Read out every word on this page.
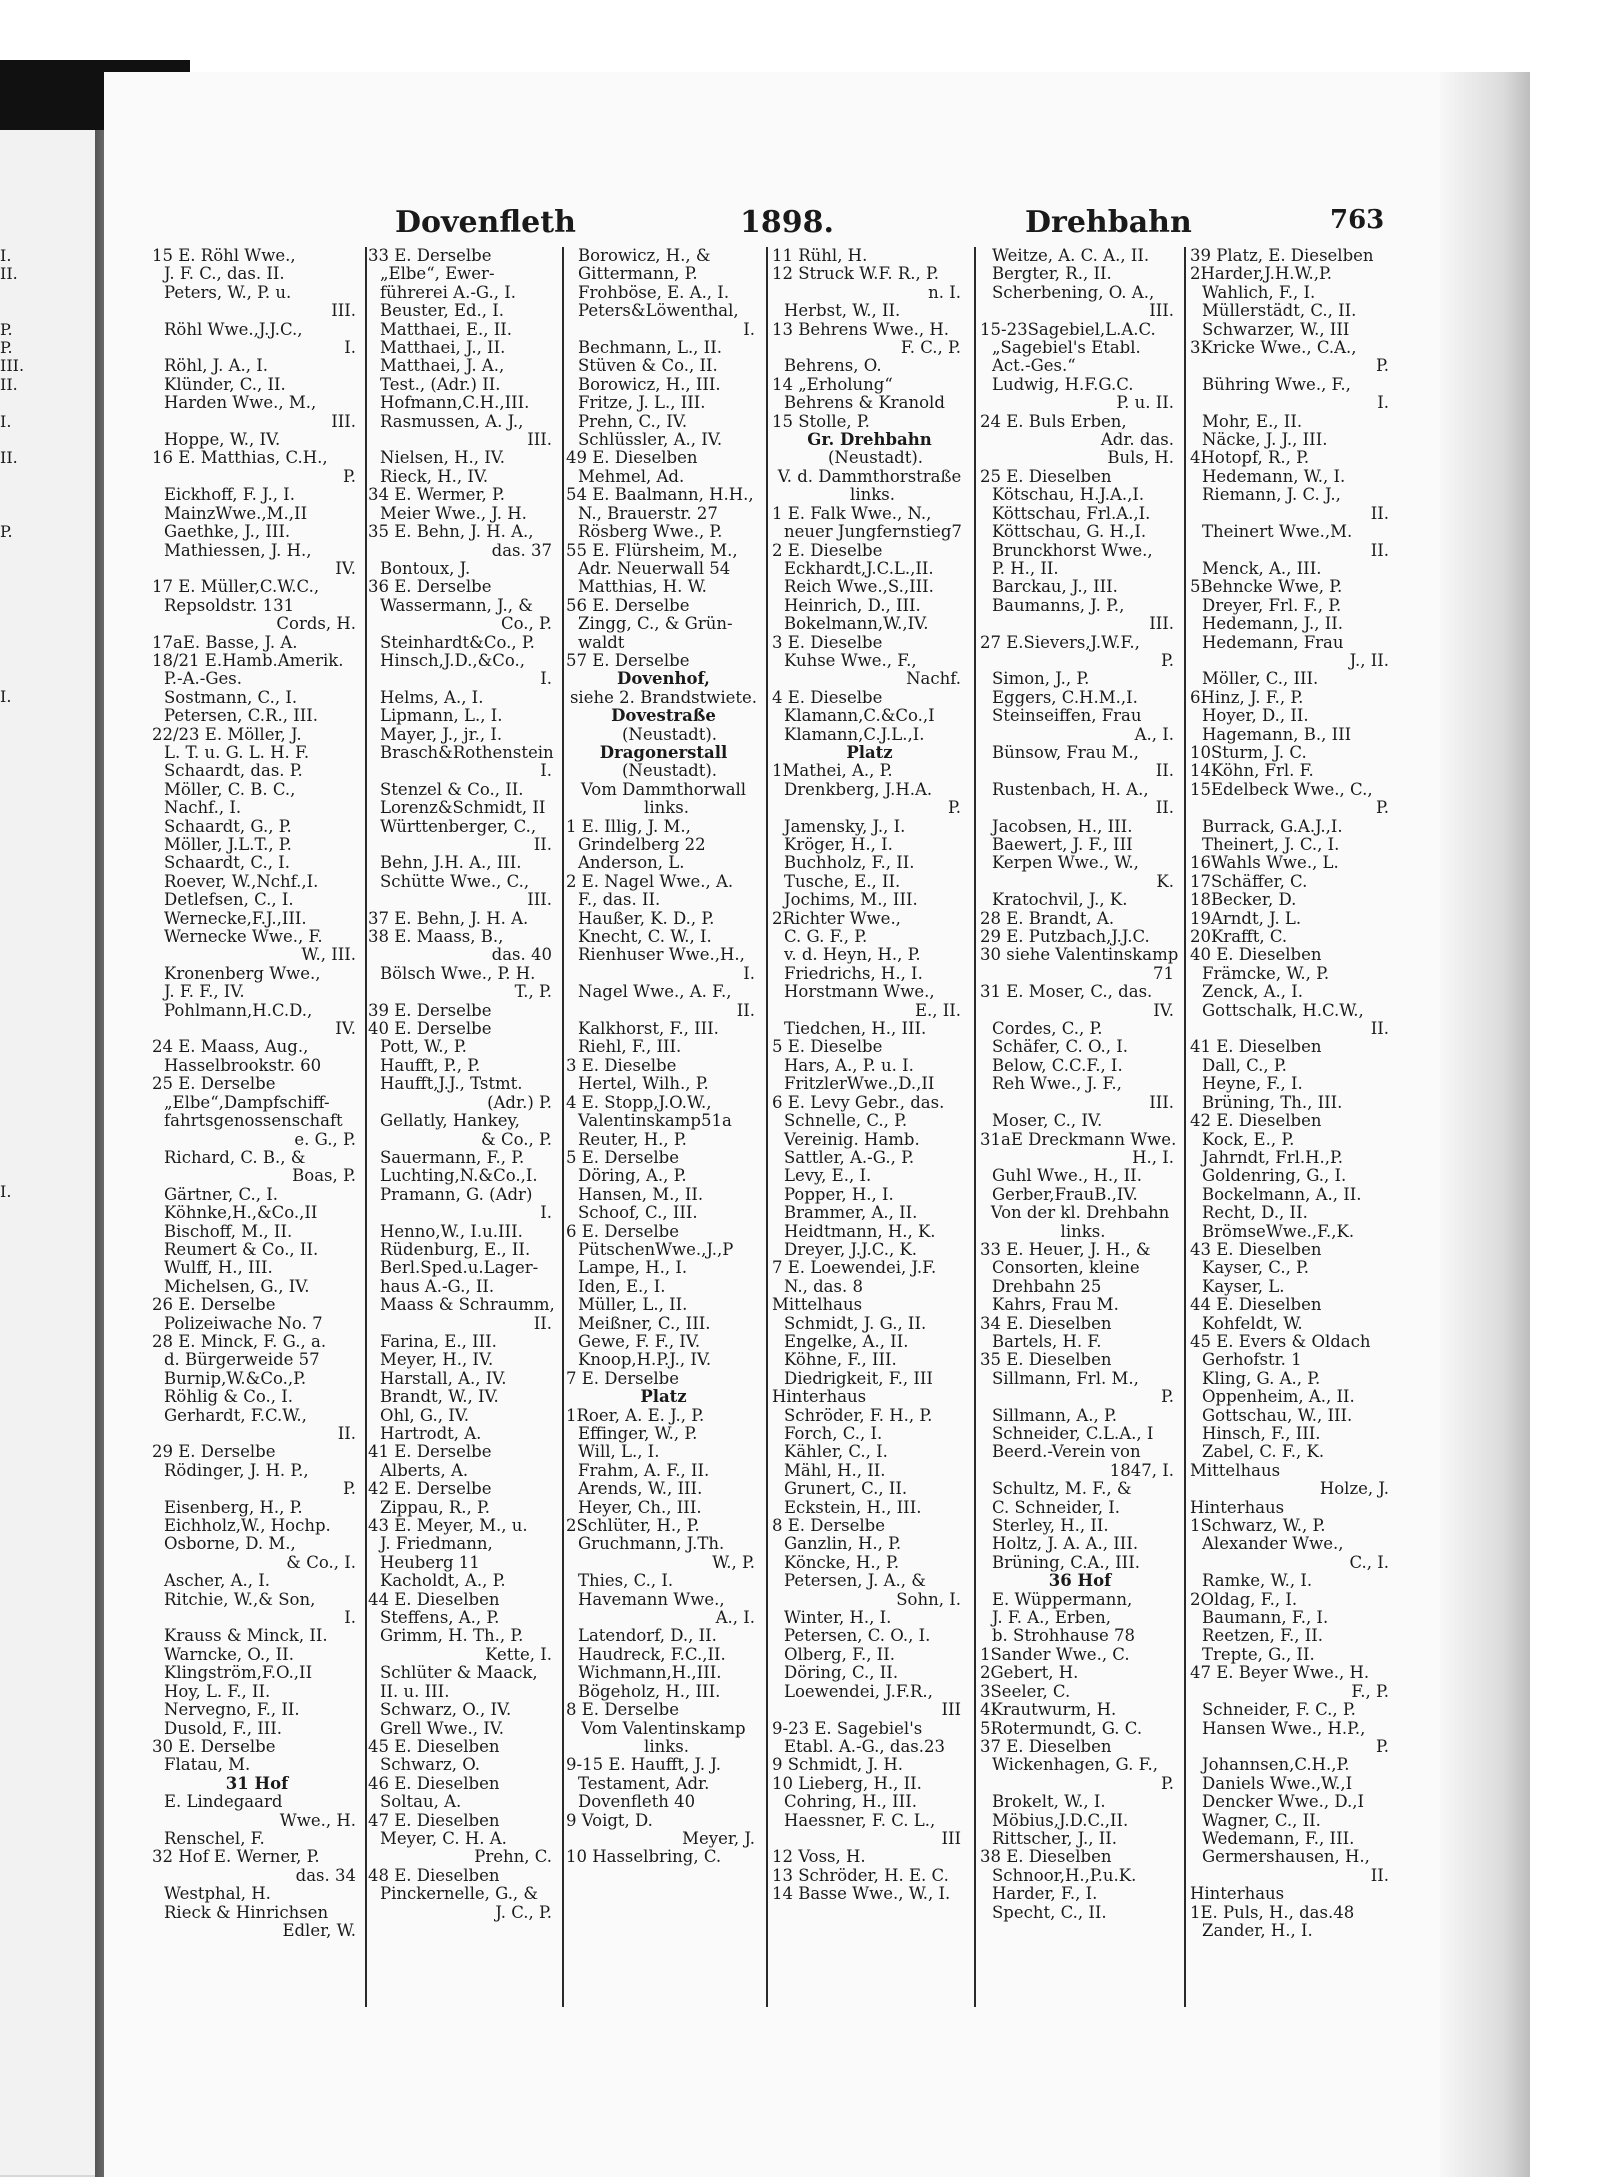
I.
II.
P.
P.
III.
II.
I.
II.
P.
I.
I.
Dovenfleth	1898.	Drehbahn	763
15 E. Röhl Wwe.,
J. F. C., das. II.
Peters, W., P. u.
III.
Röhl Wwe.,J.J.C.,
I.
Röhl, J. A., I.
Klünder, C., II.
Harden Wwe., M.,
III.
Hoppe, W., IV.
16 E. Matthias, C.H.,
P.
Eickhoff, F. J., I.
MainzWwe.,M.,II
Gaethke, J., III.
Mathiessen, J. H.,
IV.
17 E. Müller,C.W.C.,
Repsoldstr. 131
Cords, H.
17aE. Basse, J. A.
18/21 E.Hamb.Amerik.
P.-A.-Ges.
Sostmann, C., I.
Petersen, C.R., III.
22/23 E. Möller, J.
L. T. u. G. L. H. F.
Schaardt, das. P.
Möller, C. B. C.,
Nachf., I.
Schaardt, G., P.
Möller, J.L.T., P.
Schaardt, C., I.
Roever, W.,Nchf.,I.
Detlefsen, C., I.
Wernecke,F.J.,III.
Wernecke Wwe., F.
W., III.
Kronenberg Wwe.,
J. F. F., IV.
Pohlmann,H.C.D.,
IV.
24 E. Maass, Aug.,
Hasselbrookstr. 60
25 E. Derselbe
„Elbe“,Dampfschiff-
fahrtsgenossenschaft
e. G., P.
Richard, C. B., &
Boas, P.
Gärtner, C., I.
Köhnke,H.,&Co.,II
Bischoff, M., II.
Reumert & Co., II.
Wulff, H., III.
Michelsen, G., IV.
26 E. Derselbe
Polizeiwache No. 7
28 E. Minck, F. G., a.
d. Bürgerweide 57
Burnip,W.&Co.,P.
Röhlig & Co., I.
Gerhardt, F.C.W.,
II.
29 E. Derselbe
Rödinger, J. H. P.,
P.
Eisenberg, H., P.
Eichholz,W., Hochp.
Osborne, D. M.,
& Co., I.
Ascher, A., I.
Ritchie, W.,& Son,
I.
Krauss & Minck, II.
Warncke, O., II.
Klingström,F.O.,II
Hoy, L. F., II.
Nervegno, F., II.
Dusold, F., III.
30 E. Derselbe
Flatau, M.
31 Hof
E. Lindegaard
Wwe., H.
Renschel, F.
32 Hof E. Werner, P.
das. 34
Westphal, H.
Rieck & Hinrichsen
Edler, W.
33 E. Derselbe
„Elbe“, Ewer-
führerei A.-G., I.
Beuster, Ed., I.
Matthaei, E., II.
Matthaei, J., II.
Matthaei, J. A.,
Test., (Adr.) II.
Hofmann,C.H.,III.
Rasmussen, A. J.,
III.
Nielsen, H., IV.
Rieck, H., IV.
34 E. Wermer, P.
Meier Wwe., J. H.
35 E. Behn, J. H. A.,
das. 37
Bontoux, J.
36 E. Derselbe
Wassermann, J., &
Co., P.
Steinhardt&Co., P.
Hinsch,J.D.,&Co.,
I.
Helms, A., I.
Lipmann, L., I.
Mayer, J., jr., I.
Brasch&Rothenstein
I.
Stenzel & Co., II.
Lorenz&Schmidt, II
Württenberger, C.,
II.
Behn, J.H. A., III.
Schütte Wwe., C.,
III.
37 E. Behn, J. H. A.
38 E. Maass, B.,
das. 40
Bölsch Wwe., P. H.
T., P.
39 E. Derselbe
40 E. Derselbe
Pott, W., P.
Haufft, P., P.
Haufft,J.J., Tstmt.
(Adr.) P.
Gellatly, Hankey,
& Co., P.
Sauermann, F., P.
Luchting,N.&Co.,I.
Pramann, G. (Adr)
I.
Henno,W., I.u.III.
Rüdenburg, E., II.
Berl.Sped.u.Lager-
haus A.-G., II.
Maass & Schraumm,
II.
Farina, E., III.
Meyer, H., IV.
Harstall, A., IV.
Brandt, W., IV.
Ohl, G., IV.
Hartrodt, A.
41 E. Derselbe
Alberts, A.
42 E. Derselbe
Zippau, R., P.
43 E. Meyer, M., u.
J. Friedmann,
Heuberg 11
Kacholdt, A., P.
44 E. Dieselben
Steffens, A., P.
Grimm, H. Th., P.
Kette, I.
Schlüter & Maack,
II. u. III.
Schwarz, O., IV.
Grell Wwe., IV.
45 E. Dieselben
Schwarz, O.
46 E. Dieselben
Soltau, A.
47 E. Dieselben
Meyer, C. H. A.
Prehn, C.
48 E. Dieselben
Pinckernelle, G., &
J. C., P.
Borowicz, H., &
Gittermann, P.
Frohböse, E. A., I.
Peters&Löwenthal,
I.
Bechmann, L., II.
Stüven & Co., II.
Borowicz, H., III.
Fritze, J. L., III.
Prehn, C., IV.
Schlüssler, A., IV.
49 E. Dieselben
Mehmel, Ad.
54 E. Baalmann, H.H.,
N., Brauerstr. 27
Rösberg Wwe., P.
55 E. Flürsheim, M.,
Adr. Neuerwall 54
Matthias, H. W.
56 E. Derselbe
Zingg, C., & Grün-
waldt
57 E. Derselbe
Dovenhof,
siehe 2. Brandstwiete.
Dovestraße
(Neustadt).
Dragonerstall
(Neustadt).
Vom Dammthorwall
links.
1 E. Illig, J. M.,
Grindelberg 22
Anderson, L.
2 E. Nagel Wwe., A.
F., das. II.
Haußer, K. D., P.
Knecht, C. W., I.
Rienhuser Wwe.,H.,
I.
Nagel Wwe., A. F.,
II.
Kalkhorst, F., III.
Riehl, F., III.
3 E. Dieselbe
Hertel, Wilh., P.
4 E. Stopp,J.O.W.,
Valentinskamp51a
Reuter, H., P.
5 E. Derselbe
Döring, A., P.
Hansen, M., II.
Schoof, C., III.
6 E. Derselbe
PütschenWwe.,J.,P
Lampe, H., I.
Iden, E., I.
Müller, L., II.
Meißner, C., III.
Gewe, F. F., IV.
Knoop,H.P.J., IV.
7 E. Derselbe
Platz
1Roer, A. E. J., P.
Effinger, W., P.
Will, L., I.
Frahm, A. F., II.
Arends, W., III.
Heyer, Ch., III.
2Schlüter, H., P.
Gruchmann, J.Th.
W., P.
Thies, C., I.
Havemann Wwe.,
A., I.
Latendorf, D., II.
Haudreck, F.C.,II.
Wichmann,H.,III.
Bögeholz, H., III.
8 E. Derselbe
Vom Valentinskamp
links.
9-15 E. Haufft, J. J.
Testament, Adr.
Dovenfleth 40
9 Voigt, D.
Meyer, J.
10 Hasselbring, C.
11 Rühl, H.
12 Struck W.F. R., P.
n. I.
Herbst, W., II.
13 Behrens Wwe., H.
F. C., P.
Behrens, O.
14 „Erholung“
Behrens & Kranold
15 Stolle, P.
Gr. Drehbahn
(Neustadt).
V. d. Dammthorstraße
links.
1 E. Falk Wwe., N.,
neuer Jungfernstieg7
2 E. Dieselbe
Eckhardt,J.C.L.,II.
Reich Wwe.,S.,III.
Heinrich, D., III.
Bokelmann,W.,IV.
3 E. Dieselbe
Kuhse Wwe., F.,
Nachf.
4 E. Dieselbe
Klamann,C.&Co.,I
Klamann,C.J.L.,I.
Platz
1Mathei, A., P.
Drenkberg, J.H.A.
P.
Jamensky, J., I.
Kröger, H., I.
Buchholz, F., II.
Tusche, E., II.
Jochims, M., III.
2Richter Wwe.,
C. G. F., P.
v. d. Heyn, H., P.
Friedrichs, H., I.
Horstmann Wwe.,
E., II.
Tiedchen, H., III.
5 E. Dieselbe
Hars, A., P. u. I.
FritzlerWwe.,D.,II
6 E. Levy Gebr., das.
Schnelle, C., P.
Vereinig. Hamb.
Sattler, A.-G., P.
Levy, E., I.
Popper, H., I.
Brammer, A., II.
Heidtmann, H., K.
Dreyer, J.J.C., K.
7 E. Loewendei, J.F.
N., das. 8
Mittelhaus
Schmidt, J. G., II.
Engelke, A., II.
Köhne, F., III.
Diedrigkeit, F., III
Hinterhaus
Schröder, F. H., P.
Forch, C., I.
Kähler, C., I.
Mähl, H., II.
Grunert, C., II.
Eckstein, H., III.
8 E. Derselbe
Ganzlin, H., P.
Köncke, H., P.
Petersen, J. A., &
Sohn, I.
Winter, H., I.
Petersen, C. O., I.
Olberg, F., II.
Döring, C., II.
Loewendei, J.F.R.,
III
9-23 E. Sagebiel's
Etabl. A.-G., das.23
9 Schmidt, J. H.
10 Lieberg, H., II.
Cohring, H., III.
Haessner, F. C. L.,
III
12 Voss, H.
13 Schröder, H. E. C.
14 Basse Wwe., W., I.
Weitze, A. C. A., II.
Bergter, R., II.
Scherbening, O. A.,
III.
15-23Sagebiel,L.A.C.
„Sagebiel's Etabl.
Act.-Ges.“
Ludwig, H.F.G.C.
P. u. II.
24 E. Buls Erben,
Adr. das.
Buls, H.
25 E. Dieselben
Kötschau, H.J.A.,I.
Köttschau, Frl.A.,I.
Köttschau, G. H.,I.
Brunckhorst Wwe.,
P. H., II.
Barckau, J., III.
Baumanns, J. P.,
III.
27 E.Sievers,J.W.F.,
P.
Simon, J., P.
Eggers, C.H.M.,I.
Steinseiffen, Frau
A., I.
Bünsow, Frau M.,
II.
Rustenbach, H. A.,
II.
Jacobsen, H., III.
Baewert, J. F., III
Kerpen Wwe., W.,
K.
Kratochvil, J., K.
28 E. Brandt, A.
29 E. Putzbach,J.J.C.
30 siehe Valentinskamp
71
31 E. Moser, C., das.
IV.
Cordes, C., P.
Schäfer, C. O., I.
Below, C.C.F., I.
Reh Wwe., J. F.,
III.
Moser, C., IV.
31aE Dreckmann Wwe.
H., I.
Guhl Wwe., H., II.
Gerber,FrauB.,IV.
Von der kl. Drehbahn
links.
33 E. Heuer, J. H., &
Consorten, kleine
Drehbahn 25
Kahrs, Frau M.
34 E. Dieselben
Bartels, H. F.
35 E. Dieselben
Sillmann, Frl. M.,
P.
Sillmann, A., P.
Schneider, C.L.A., I
Beerd.-Verein von
1847, I.
Schultz, M. F., &
C. Schneider, I.
Sterley, H., II.
Holtz, J. A. A., III.
Brüning, C.A., III.
36 Hof
E. Wüppermann,
J. F. A., Erben,
b. Strohhause 78
1Sander Wwe., C.
2Gebert, H.
3Seeler, C.
4Krautwurm, H.
5Rotermundt, G. C.
37 E. Dieselben
Wickenhagen, G. F.,
P.
Brokelt, W., I.
Möbius,J.D.C.,II.
Rittscher, J., II.
38 E. Dieselben
Schnoor,H.,P.u.K.
Harder, F., I.
Specht, C., II.
39 Platz, E. Dieselben
2Harder,J.H.W.,P.
Wahlich, F., I.
Müllerstädt, C., II.
Schwarzer, W., III
3Kricke Wwe., C.A.,
P.
Bühring Wwe., F.,
I.
Mohr, E., II.
Näcke, J. J., III.
4Hotopf, R., P.
Hedemann, W., I.
Riemann, J. C. J.,
II.
Theinert Wwe.,M.
II.
Menck, A., III.
5Behncke Wwe, P.
Dreyer, Frl. F., P.
Hedemann, J., II.
Hedemann, Frau
J., II.
Möller, C., III.
6Hinz, J. F., P.
Hoyer, D., II.
Hagemann, B., III
10Sturm, J. C.
14Köhn, Frl. F.
15Edelbeck Wwe., C.,
P.
Burrack, G.A.J.,I.
Theinert, J. C., I.
16Wahls Wwe., L.
17Schäffer, C.
18Becker, D.
19Arndt, J. L.
20Krafft, C.
40 E. Dieselben
Främcke, W., P.
Zenck, A., I.
Gottschalk, H.C.W.,
II.
41 E. Dieselben
Dall, C., P.
Heyne, F., I.
Brüning, Th., III.
42 E. Dieselben
Kock, E., P.
Jahrndt, Frl.H.,P.
Goldenring, G., I.
Bockelmann, A., II.
Recht, D., II.
BrömseWwe.,F.,K.
43 E. Dieselben
Kayser, C., P.
Kayser, L.
44 E. Dieselben
Kohfeldt, W.
45 E. Evers & Oldach
Gerhofstr. 1
Kling, G. A., P.
Oppenheim, A., II.
Gottschau, W., III.
Hinsch, F., III.
Zabel, C. F., K.
Mittelhaus
Holze, J.
Hinterhaus
1Schwarz, W., P.
Alexander Wwe.,
C., I.
Ramke, W., I.
2Oldag, F., I.
Baumann, F., I.
Reetzen, F., II.
Trepte, G., II.
47 E. Beyer Wwe., H.
F., P.
Schneider, F. C., P.
Hansen Wwe., H.P.,
P.
Johannsen,C.H.,P.
Daniels Wwe.,W.,I
Dencker Wwe., D.,I
Wagner, C., II.
Wedemann, F., III.
Germershausen, H.,
II.
Hinterhaus
1E. Puls, H., das.48
Zander, H., I.
